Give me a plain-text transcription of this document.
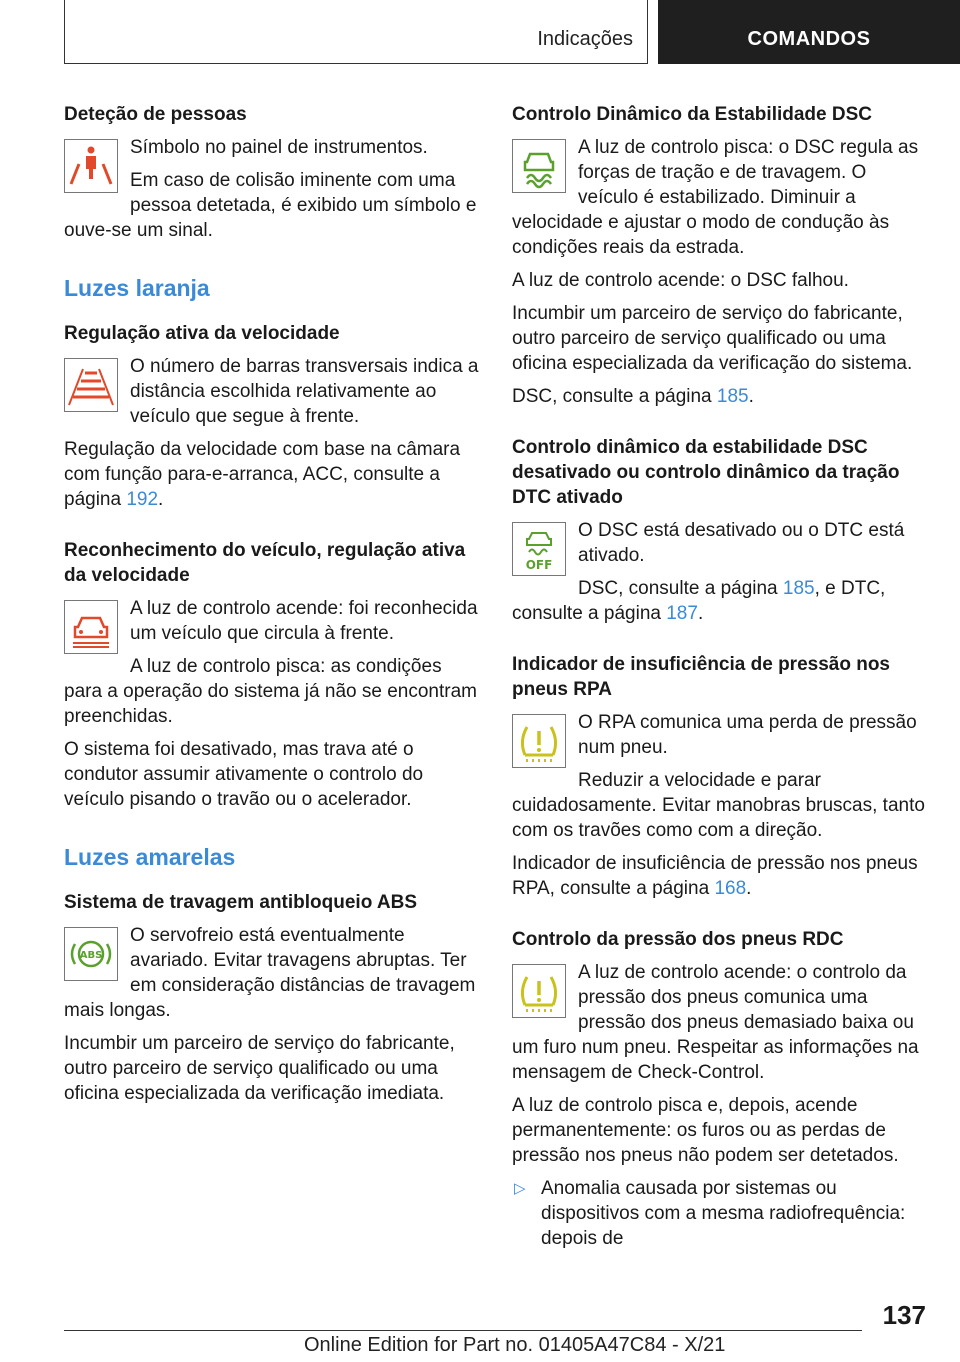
Indicações	COMANDOS
Deteção de pessoas

Símbolo no painel de instrumentos.

Em caso de colisão iminente com uma pessoa detetada, é exibido um símbolo e ouve-se um sinal.

Luzes laranja
Regulação ativa da velocidade

O número de barras transversais indica a distância escolhida relativamente ao veículo que segue à frente.

Regulação da velocidade com base na câmara com função para-e-arranca, ACC, consulte a página 192.

Reconhecimento do veículo, regulação ativa da velocidade

A luz de controlo acende: foi reconhecida um veículo que circula à frente.

A luz de controlo pisca: as condições para a operação do sistema já não se encontram preenchidas.

O sistema foi desativado, mas trava até o condutor assumir ativamente o controlo do veículo pisando o travão ou o acelerador.

Luzes amarelas
Sistema de travagem antibloqueio ABS
ABS

O servofreio está eventualmente avariado. Evitar travagens abruptas. Ter em consideração distâncias de travagem mais longas.

Incumbir um parceiro de serviço do fabricante, outro parceiro de serviço qualificado ou uma oficina especializada da verificação imediata.

Controlo Dinâmico da Estabilidade DSC

A luz de controlo pisca: o DSC regula as forças de tração e de travagem. O veículo é estabilizado. Diminuir a velocidade e ajustar o modo de condução às condições reais da estrada.

A luz de controlo acende: o DSC falhou.

Incumbir um parceiro de serviço do fabricante, outro parceiro de serviço qualificado ou uma oficina especializada da verificação do sistema.

DSC, consulte a página 185.

Controlo dinâmico da estabilidade DSC desativado ou controlo dinâmico da tração DTC ativado
OFF

O DSC está desativado ou o DTC está ativado.

DSC, consulte a página 185, e DTC, consulte a página 187.

Indicador de insuficiência de pressão nos pneus RPA

O RPA comunica uma perda de pressão num pneu.

Reduzir a velocidade e parar cuidadosamente. Evitar manobras bruscas, tanto com os travões como com a direção.

Indicador de insuficiência de pressão nos pneus RPA, consulte a página 168.

Controlo da pressão dos pneus RDC

A luz de controlo acende: o controlo da pressão dos pneus comunica uma pressão dos pneus demasiado baixa ou um furo num pneu. Respeitar as informações na mensagem de Check-Control.

A luz de controlo pisca e, depois, acende permanentemente: os furos ou as perdas de pressão nos pneus não podem ser detetados.

▷ Anomalia causada por sistemas ou dispositivos com a mesma radiofrequência: depois de
137
Online Edition for Part no. 01405A47C84 - X/21manualsonline.info
